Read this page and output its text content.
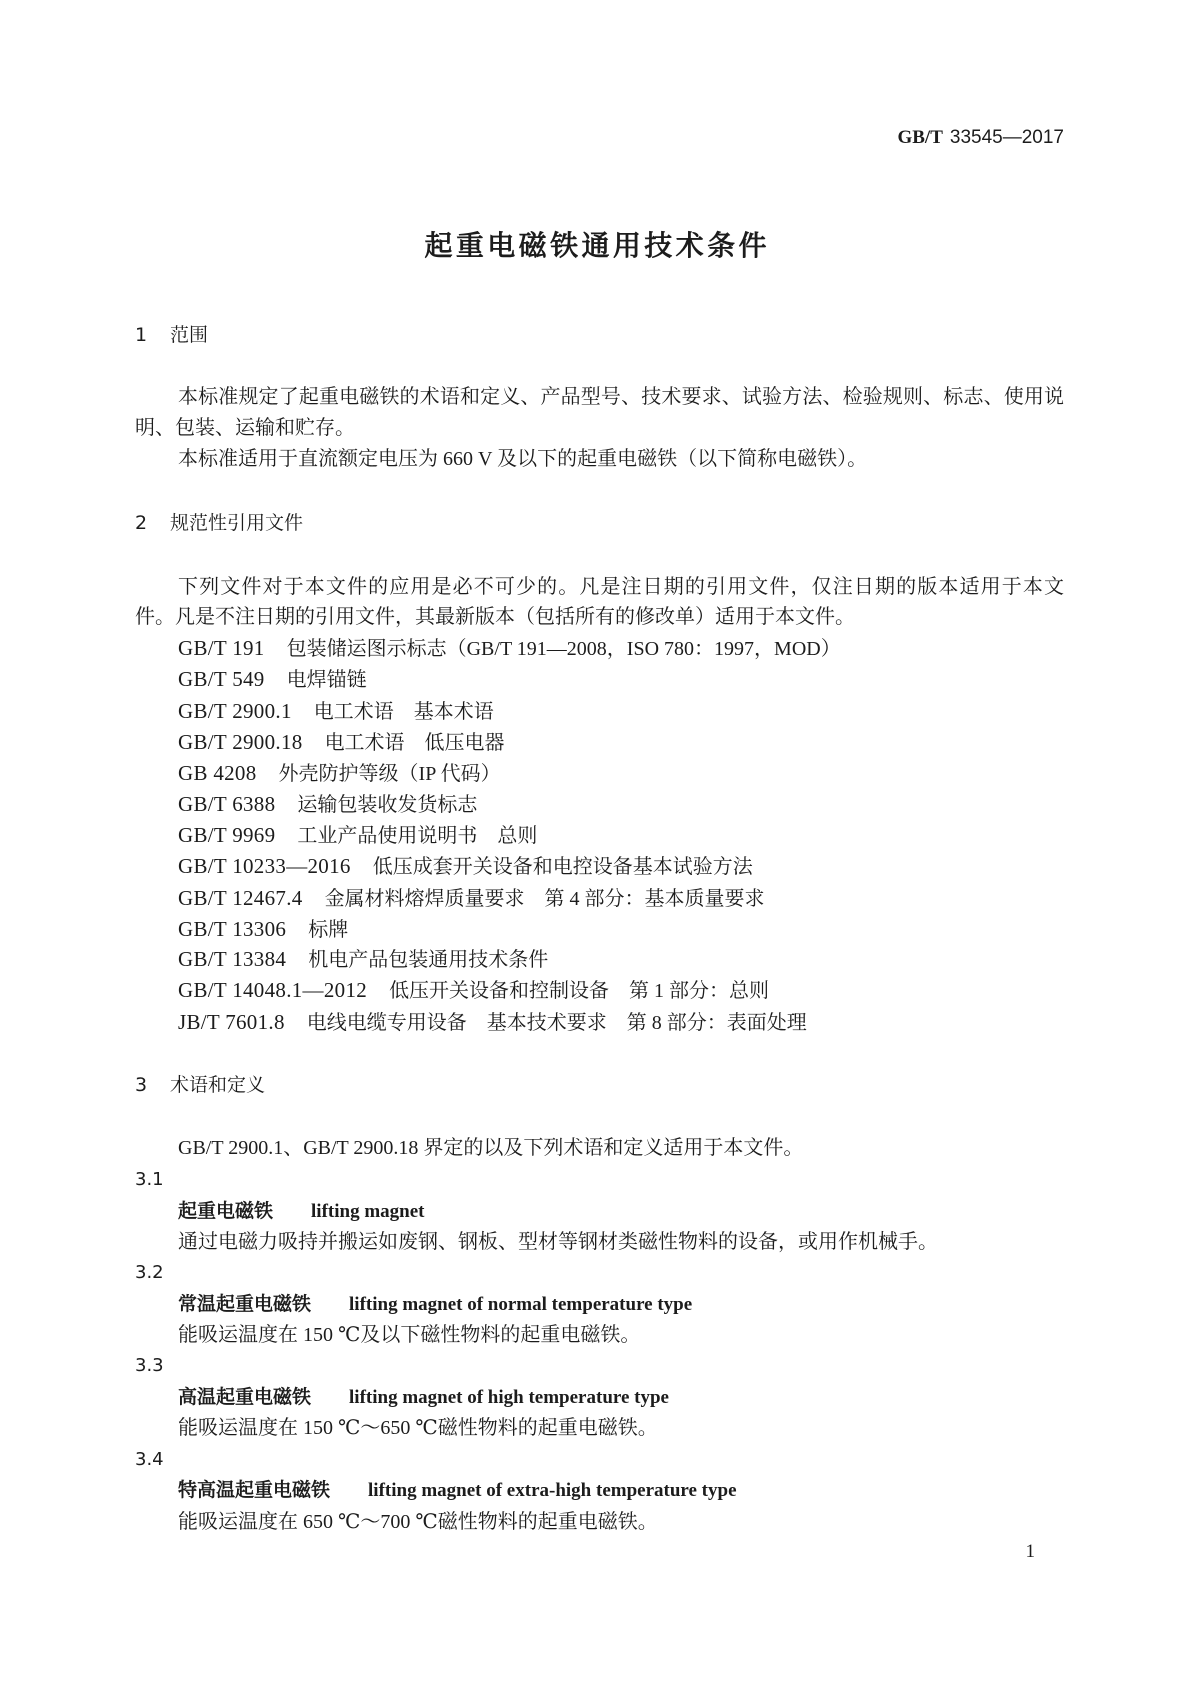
GB/T 33545—2017
起重电磁铁通用技术条件
1 范围
本标准规定了起重电磁铁的术语和定义、产品型号、技术要求、试验方法、检验规则、标志、使用说
明、包装、运输和贮存。
本标准适用于直流额定电压为 660 V 及以下的起重电磁铁（以下简称电磁铁）。
2 规范性引用文件
下列文件对于本文件的应用是必不可少的。凡是注日期的引用文件，仅注日期的版本适用于本文
件。凡是不注日期的引用文件，其最新版本（包括所有的修改单）适用于本文件。
GB/T 191 包装储运图示标志（GB/T 191—2008，ISO 780：1997，MOD）
GB/T 549 电焊锚链
GB/T 2900.1 电工术语　基本术语
GB/T 2900.18 电工术语　低压电器
GB 4208 外壳防护等级（IP 代码）
GB/T 6388 运输包装收发货标志
GB/T 9969 工业产品使用说明书　总则
GB/T 10233—2016 低压成套开关设备和电控设备基本试验方法
GB/T 12467.4 金属材料熔焊质量要求　第 4 部分：基本质量要求
GB/T 13306 标牌
GB/T 13384 机电产品包装通用技术条件
GB/T 14048.1—2012 低压开关设备和控制设备　第 1 部分：总则
JB/T 7601.8 电线电缆专用设备　基本技术要求　第 8 部分：表面处理
3 术语和定义
GB/T 2900.1、GB/T 2900.18 界定的以及下列术语和定义适用于本文件。
3.1
起重电磁铁 lifting magnet
通过电磁力吸持并搬运如废钢、钢板、型材等钢材类磁性物料的设备，或用作机械手。
3.2
常温起重电磁铁 lifting magnet of normal temperature type
能吸运温度在 150 ℃及以下磁性物料的起重电磁铁。
3.3
高温起重电磁铁 lifting magnet of high temperature type
能吸运温度在 150 ℃～650 ℃磁性物料的起重电磁铁。
3.4
特高温起重电磁铁 lifting magnet of extra-high temperature type
能吸运温度在 650 ℃～700 ℃磁性物料的起重电磁铁。
1
